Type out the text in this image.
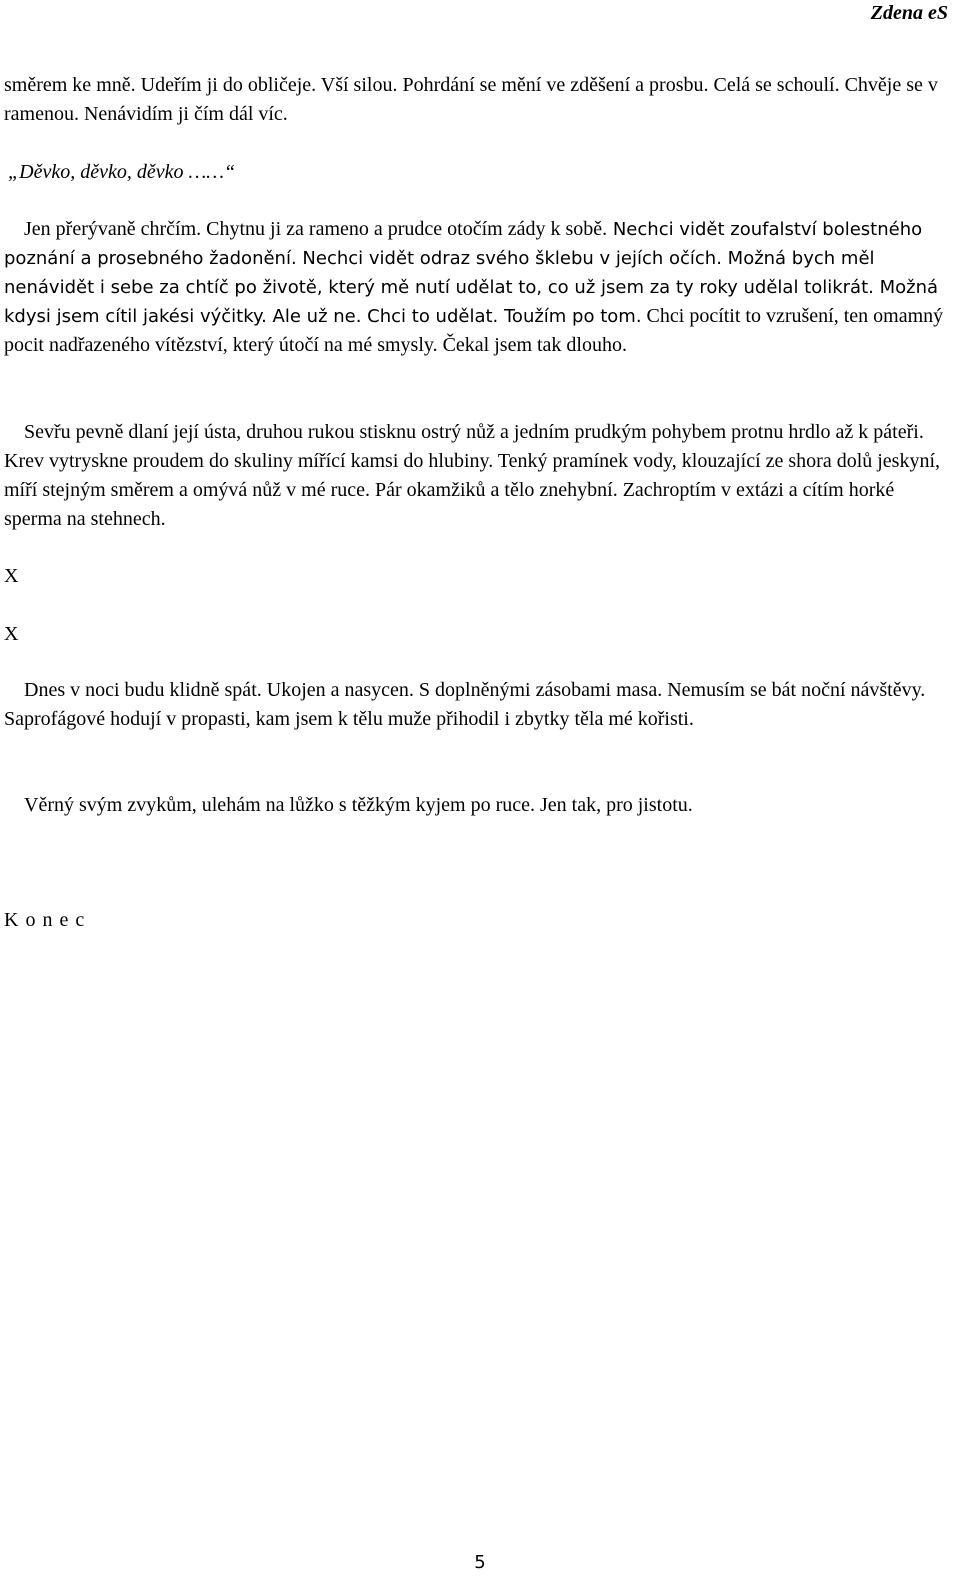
Zdena eS

směrem ke mně. Udeřím ji do obličeje. Vší silou. Pohrdání se mění ve zděšení a prosbu. Celá se schoulí. Chvěje se v ramenou. Nenávidím ji čím dál víc.

„Děvko, děvko, děvko ……“

Jen přerývaně chrčím. Chytnu ji za rameno a prudce otočím zády k sobě. Nechci vidět zoufalství bolestného poznání a prosebného žadonění. Nechci vidět odraz svého šklebu v jejích očích. Možná bych měl nenávidět i sebe za chtíč po životě, který mě nutí udělat to, co už jsem za ty roky udělal tolikrát. Možná kdysi jsem cítil jakési výčitky. Ale už ne. Chci to udělat. Toužím po tom. Chci pocítit to vzrušení, ten omamný pocit nadřazeného vítězství, který útočí na mé smysly. Čekal jsem tak dlouho.

Sevřu pevně dlaní její ústa, druhou rukou stisknu ostrý nůž a jedním prudkým pohybem protnu hrdlo až k páteři. Krev vytryskne proudem do skuliny mířící kamsi do hlubiny. Tenký pramínek vody, klouzající ze shora dolů jeskyní, míří stejným směrem a omývá nůž v mé ruce. Pár okamžiků a tělo znehybní. Zachroptím v extázi a cítím horké sperma na stehnech.

X

X

Dnes v noci budu klidně spát. Ukojen a nasycen. S doplněnými zásobami masa. Nemusím se bát noční návštěvy. Saprofágové hodují v propasti, kam jsem k tělu muže přihodil i zbytky těla mé kořisti.

Věrný svým zvykům, ulehám na lůžko s těžkým kyjem po ruce. Jen tak, pro jistotu.

K o n e c

5
